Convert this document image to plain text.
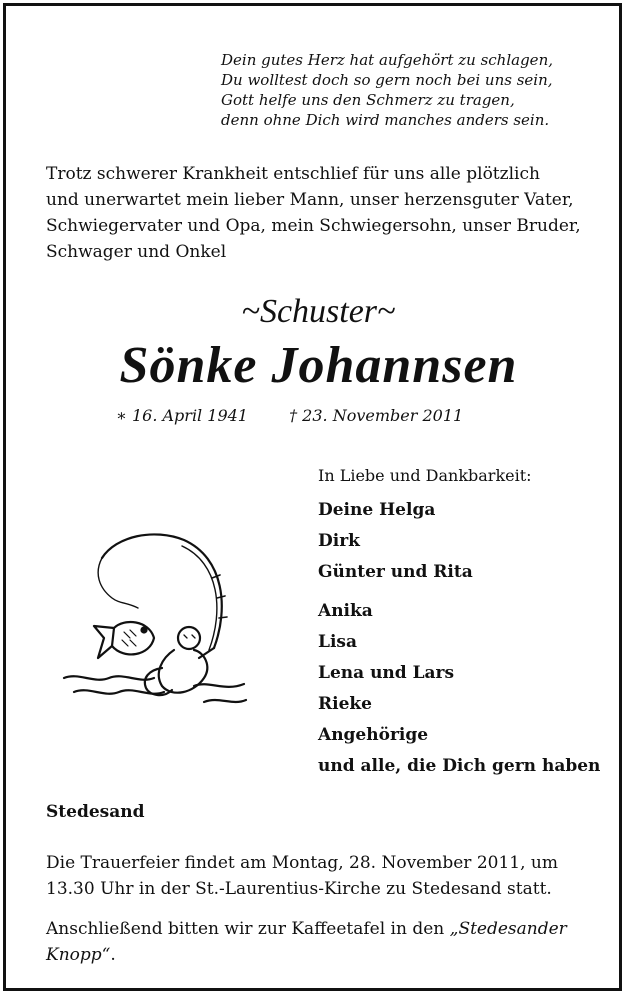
Dein gutes Herz hat aufgehört zu schlagen,
Du wolltest doch so gern noch bei uns sein,
Gott helfe uns den Schmerz zu tragen,
denn ohne Dich wird manches anders sein.
Trotz schwerer Krankheit entschlief für uns alle plötzlich
und unerwartet mein lieber Mann, unser herzensguter Vater,
Schwiegervater und Opa, mein Schwiegersohn, unser Bruder,
Schwager und Onkel
~Schuster~
Sönke Johannsen
∗ 16. April 1941	† 23. November 2011
In Liebe und Dankbarkeit:
Deine Helga
Dirk
Günter und Rita
Anika
Lisa
Lena und Lars
Rieke
Angehörige
und alle, die Dich gern haben
Stedesand
Die Trauerfeier findet am Montag, 28. November 2011, um
13.30 Uhr in der St.-Laurentius-Kirche zu Stedesand statt.
Anschließend bitten wir zur Kaffeetafel in den „Stedesander
Knopp“.
